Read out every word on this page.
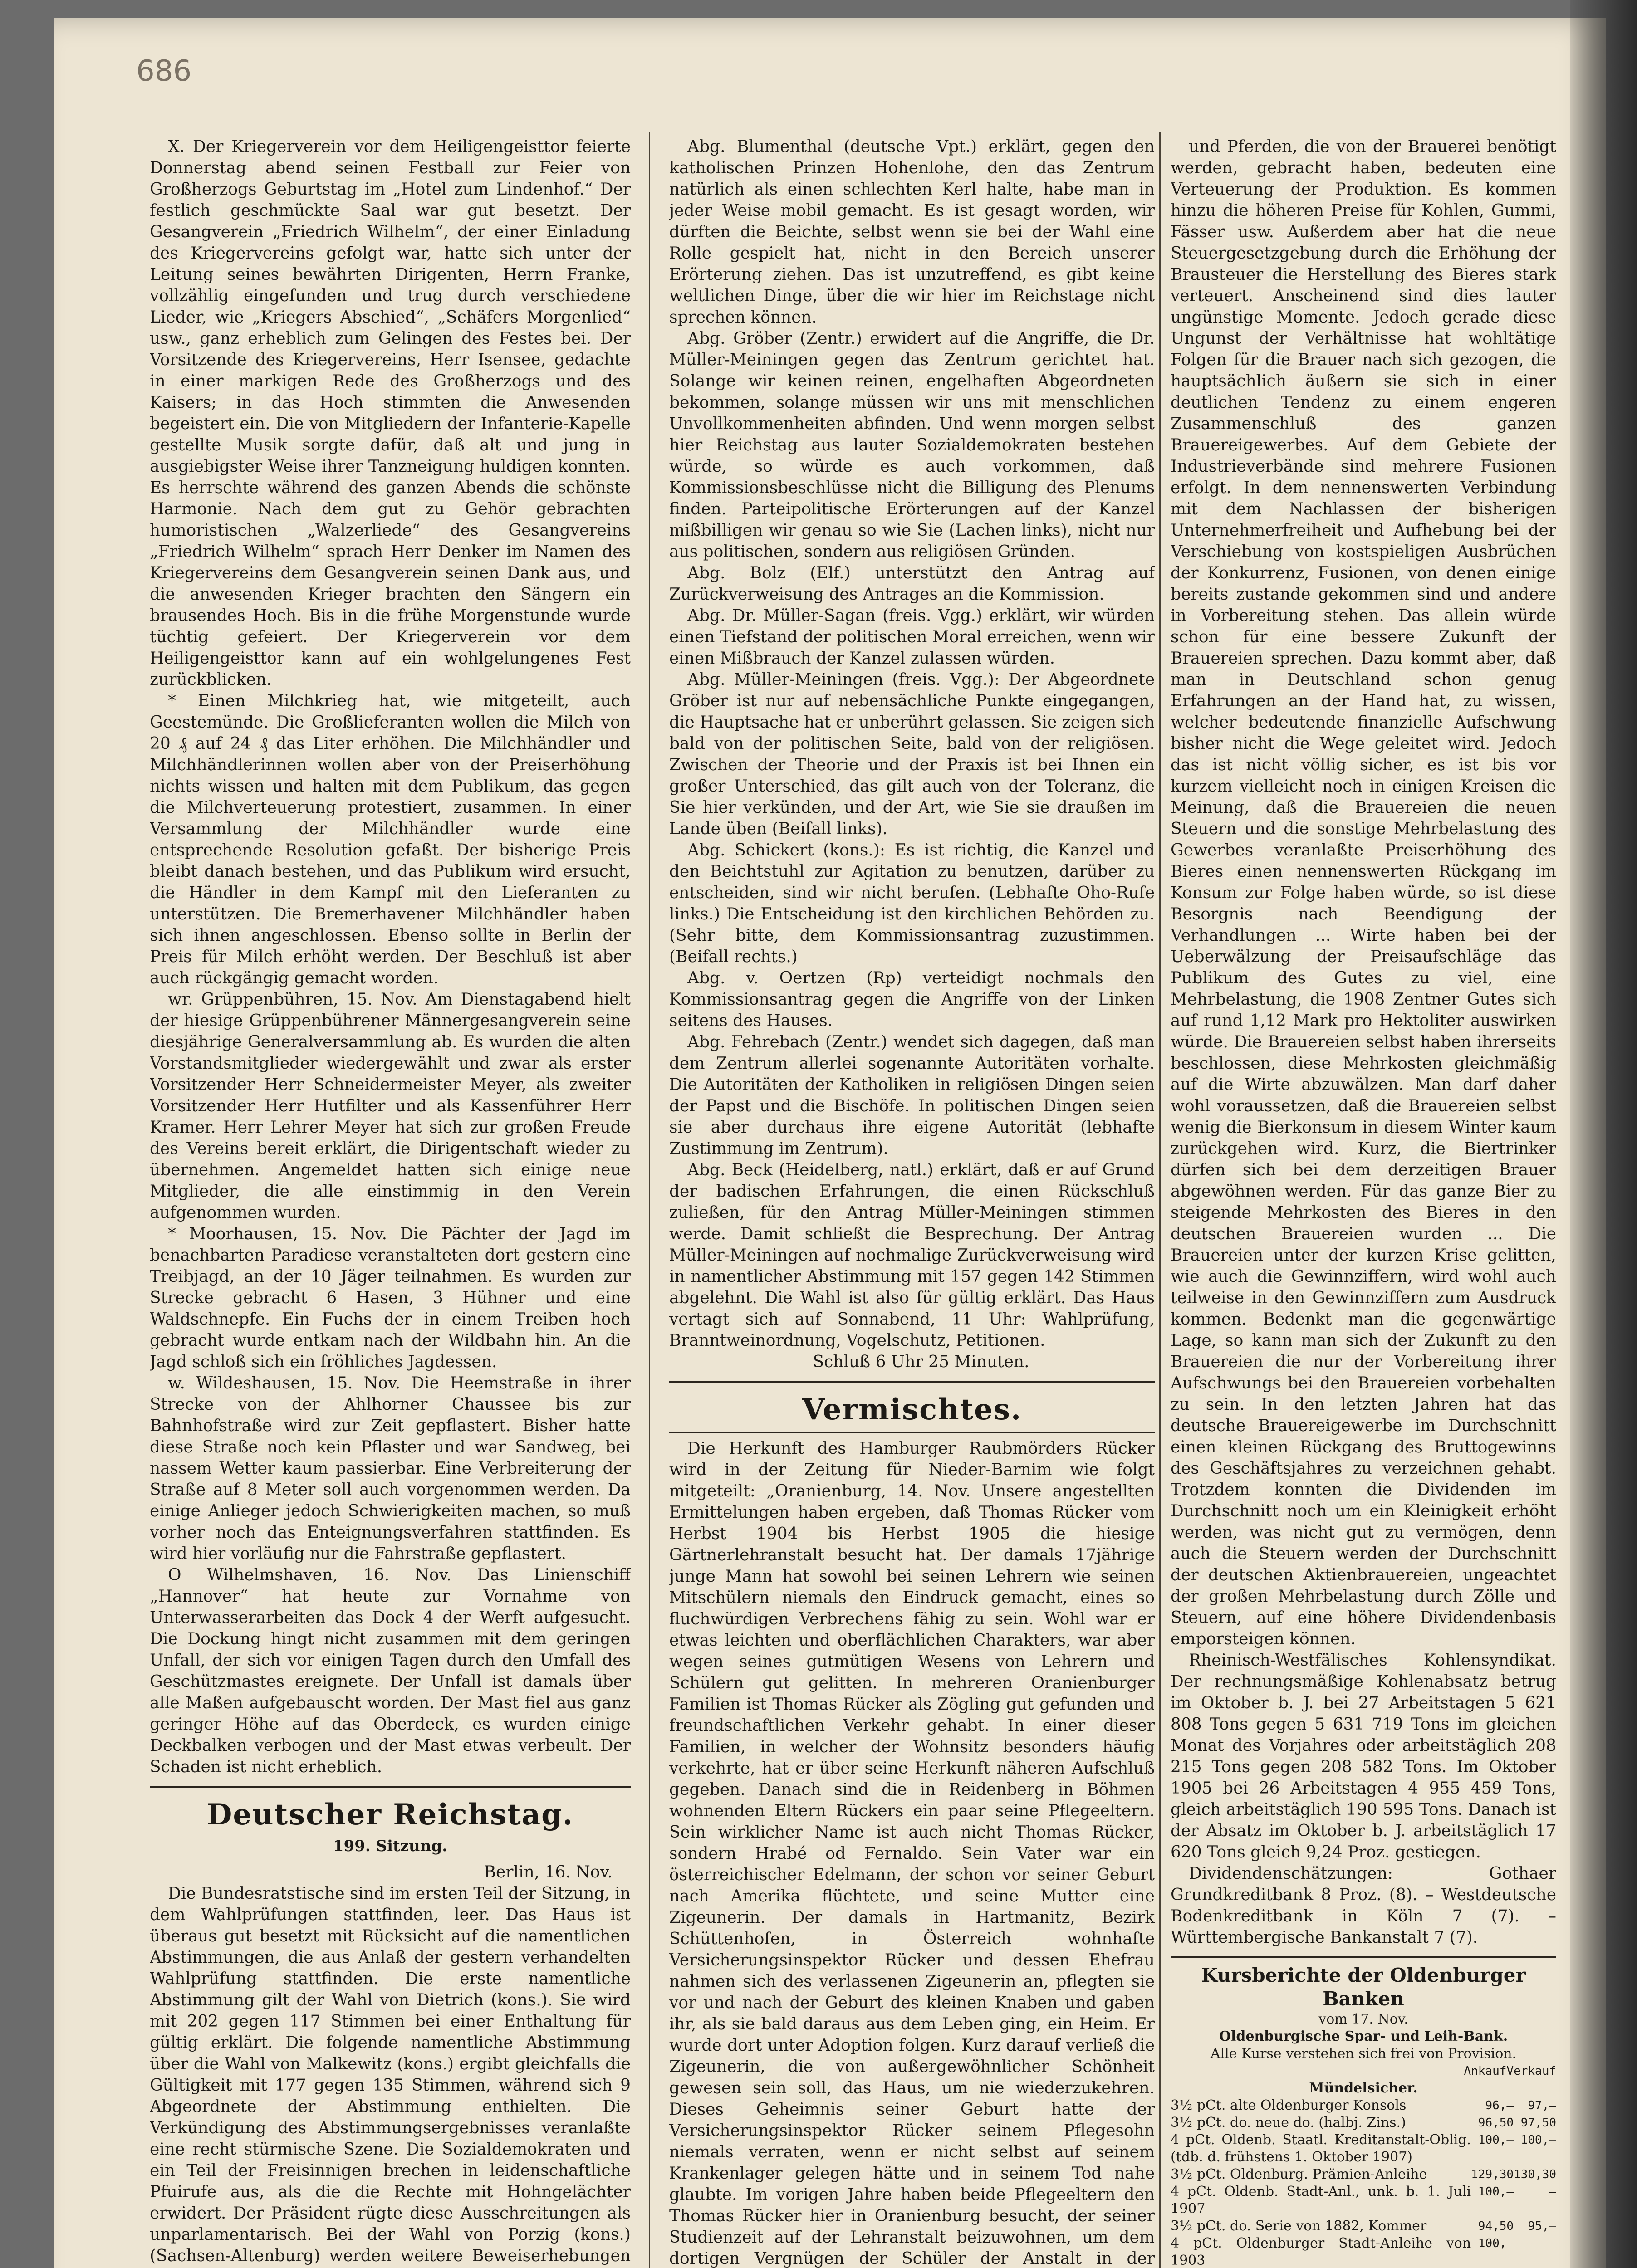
686

X. Der Kriegerverein vor dem Heiligengeisttor feierte Donnerstag abend seinen Festball zur Feier von Großherzogs Geburtstag im „Hotel zum Lindenhof.“ Der festlich geschmückte Saal war gut besetzt. Der Gesangverein „Friedrich Wilhelm“, der einer Einladung des Kriegervereins gefolgt war, hatte sich unter der Leitung seines bewährten Dirigenten, Herrn Franke, vollzählig eingefunden und trug durch verschiedene Lieder, wie „Kriegers Abschied“, „Schäfers Morgenlied“ usw., ganz erheblich zum Gelingen des Festes bei. Der Vorsitzende des Kriegervereins, Herr Isensee, gedachte in einer markigen Rede des Großherzogs und des Kaisers; in das Hoch stimmten die Anwesenden begeistert ein. Die von Mitgliedern der Infanterie-Kapelle gestellte Musik sorgte dafür, daß alt und jung in ausgiebigster Weise ihrer Tanzneigung huldigen konnten. Es herrschte während des ganzen Abends die schönste Harmonie. Nach dem gut zu Gehör gebrachten humoristischen „Walzerliede“ des Gesangvereins „Friedrich Wilhelm“ sprach Herr Denker im Namen des Kriegervereins dem Gesangverein seinen Dank aus, und die anwesenden Krieger brachten den Sängern ein brausendes Hoch. Bis in die frühe Morgenstunde wurde tüchtig gefeiert. Der Kriegerverein vor dem Heiligengeisttor kann auf ein wohlgelungenes Fest zurückblicken.

* Einen Milchkrieg hat, wie mitgeteilt, auch Geestemünde. Die Großlieferanten wollen die Milch von 20 ₰ auf 24 ₰ das Liter erhöhen. Die Milchhändler und Milchhändlerinnen wollen aber von der Preiserhöhung nichts wissen und halten mit dem Publikum, das gegen die Milchverteuerung protestiert, zusammen. In einer Versammlung der Milchhändler wurde eine entsprechende Resolution gefaßt. Der bisherige Preis bleibt danach bestehen, und das Publikum wird ersucht, die Händler in dem Kampf mit den Lieferanten zu unterstützen. Die Bremerhavener Milchhändler haben sich ihnen angeschlossen. Ebenso sollte in Berlin der Preis für Milch erhöht werden. Der Beschluß ist aber auch rückgängig gemacht worden.

wr. Grüppenbühren, 15. Nov. Am Dienstagabend hielt der hiesige Grüppenbührener Männergesangverein seine diesjährige Generalversammlung ab. Es wurden die alten Vorstandsmitglieder wiedergewählt und zwar als erster Vorsitzender Herr Schneidermeister Meyer, als zweiter Vorsitzender Herr Hutfilter und als Kassenführer Herr Kramer. Herr Lehrer Meyer hat sich zur großen Freude des Vereins bereit erklärt, die Dirigentschaft wieder zu übernehmen. Angemeldet hatten sich einige neue Mitglieder, die alle einstimmig in den Verein aufgenommen wurden.

* Moorhausen, 15. Nov. Die Pächter der Jagd im benachbarten Paradiese veranstalteten dort gestern eine Treibjagd, an der 10 Jäger teilnahmen. Es wurden zur Strecke gebracht 6 Hasen, 3 Hühner und eine Waldschnepfe. Ein Fuchs der in einem Treiben hoch gebracht wurde entkam nach der Wildbahn hin. An die Jagd schloß sich ein fröhliches Jagdessen.

w. Wildeshausen, 15. Nov. Die Heemstraße in ihrer Strecke von der Ahlhorner Chaussee bis zur Bahnhofstraße wird zur Zeit gepflastert. Bisher hatte diese Straße noch kein Pflaster und war Sandweg, bei nassem Wetter kaum passierbar. Eine Verbreiterung der Straße auf 8 Meter soll auch vorgenommen werden. Da einige Anlieger jedoch Schwierigkeiten machen, so muß vorher noch das Enteignungsverfahren stattfinden. Es wird hier vorläufig nur die Fahrstraße gepflastert.

O Wilhelmshaven, 16. Nov. Das Linienschiff „Hannover“ hat heute zur Vornahme von Unterwasserarbeiten das Dock 4 der Werft aufgesucht. Die Dockung hingt nicht zusammen mit dem geringen Unfall, der sich vor einigen Tagen durch den Umfall des Geschützmastes ereignete. Der Unfall ist damals über alle Maßen aufgebauscht worden. Der Mast fiel aus ganz geringer Höhe auf das Oberdeck, es wurden einige Deckbalken verbogen und der Mast etwas verbeult. Der Schaden ist nicht erheblich.

Deutscher Reichstag.
199. Sitzung.
Berlin, 16. Nov.

Die Bundesratstische sind im ersten Teil der Sitzung, in dem Wahlprüfungen stattfinden, leer. Das Haus ist überaus gut besetzt mit Rücksicht auf die namentlichen Abstimmungen, die aus Anlaß der gestern verhandelten Wahlprüfung stattfinden. Die erste namentliche Abstimmung gilt der Wahl von Dietrich (kons.). Sie wird mit 202 gegen 117 Stimmen bei einer Enthaltung für gültig erklärt. Die folgende namentliche Abstimmung über die Wahl von Malkewitz (kons.) ergibt gleichfalls die Gültigkeit mit 177 gegen 135 Stimmen, während sich 9 Abgeordnete der Abstimmung enthielten. Die Verkündigung des Abstimmungsergebnisses veranlaßte eine recht stürmische Szene. Die Sozialdemokraten und ein Teil der Freisinnigen brechen in leidenschaftliche Pfuirufe aus, als die die Rechte mit Hohngelächter erwidert. Der Präsident rügte diese Ausschreitungen als unparlamentarisch. Bei der Wahl von Porzig (kons.) (Sachsen-Altenburg) werden weitere Beweiserhebungen

Abg. Blumenthal (deutsche Vpt.) erklärt, gegen den katholischen Prinzen Hohenlohe, den das Zentrum natürlich als einen schlechten Kerl halte, habe man in jeder Weise mobil gemacht. Es ist gesagt worden, wir dürften die Beichte, selbst wenn sie bei der Wahl eine Rolle gespielt hat, nicht in den Bereich unserer Erörterung ziehen. Das ist unzutreffend, es gibt keine weltlichen Dinge, über die wir hier im Reichstage nicht sprechen können.

Abg. Gröber (Zentr.) erwidert auf die Angriffe, die Dr. Müller-Meiningen gegen das Zentrum gerichtet hat. Solange wir keinen reinen, engelhaften Abgeordneten bekommen, solange müssen wir uns mit menschlichen Unvollkommenheiten abfinden. Und wenn morgen selbst hier Reichstag aus lauter Sozialdemokraten bestehen würde, so würde es auch vorkommen, daß Kommissionsbeschlüsse nicht die Billigung des Plenums finden. Parteipolitische Erörterungen auf der Kanzel mißbilligen wir genau so wie Sie (Lachen links), nicht nur aus politischen, sondern aus religiösen Gründen.

Abg. Bolz (Elf.) unterstützt den Antrag auf Zurückverweisung des Antrages an die Kommission.

Abg. Dr. Müller-Sagan (freis. Vgg.) erklärt, wir würden einen Tiefstand der politischen Moral erreichen, wenn wir einen Mißbrauch der Kanzel zulassen würden.

Abg. Müller-Meiningen (freis. Vgg.): Der Abgeordnete Gröber ist nur auf nebensächliche Punkte eingegangen, die Hauptsache hat er unberührt gelassen. Sie zeigen sich bald von der politischen Seite, bald von der religiösen. Zwischen der Theorie und der Praxis ist bei Ihnen ein großer Unterschied, das gilt auch von der Toleranz, die Sie hier verkünden, und der Art, wie Sie sie draußen im Lande üben (Beifall links).

Abg. Schickert (kons.): Es ist richtig, die Kanzel und den Beichtstuhl zur Agitation zu benutzen, darüber zu entscheiden, sind wir nicht berufen. (Lebhafte Oho-Rufe links.) Die Entscheidung ist den kirchlichen Behörden zu. (Sehr bitte, dem Kommissionsantrag zuzustimmen. (Beifall rechts.)

Abg. v. Oertzen (Rp) verteidigt nochmals den Kommissionsantrag gegen die Angriffe von der Linken seitens des Hauses.

Abg. Fehrebach (Zentr.) wendet sich dagegen, daß man dem Zentrum allerlei sogenannte Autoritäten vorhalte. Die Autoritäten der Katholiken in religiösen Dingen seien der Papst und die Bischöfe. In politischen Dingen seien sie aber durchaus ihre eigene Autorität (lebhafte Zustimmung im Zentrum).

Abg. Beck (Heidelberg, natl.) erklärt, daß er auf Grund der badischen Erfahrungen, die einen Rückschluß zuließen, für den Antrag Müller-Meiningen stimmen werde. Damit schließt die Besprechung. Der Antrag Müller-Meiningen auf nochmalige Zurückverweisung wird in namentlicher Abstimmung mit 157 gegen 142 Stimmen abgelehnt. Die Wahl ist also für gültig erklärt. Das Haus vertagt sich auf Sonnabend, 11 Uhr: Wahlprüfung, Branntweinordnung, Vogelschutz, Petitionen.

Schluß 6 Uhr 25 Minuten.

Vermischtes.

Die Herkunft des Hamburger Raubmörders Rücker wird in der Zeitung für Nieder-Barnim wie folgt mitgeteilt: „Oranienburg, 14. Nov. Unsere angestellten Ermittelungen haben ergeben, daß Thomas Rücker vom Herbst 1904 bis Herbst 1905 die hiesige Gärtnerlehranstalt besucht hat. Der damals 17jährige junge Mann hat sowohl bei seinen Lehrern wie seinen Mitschülern niemals den Eindruck gemacht, eines so fluchwürdigen Verbrechens fähig zu sein. Wohl war er etwas leichten und oberflächlichen Charakters, war aber wegen seines gutmütigen Wesens von Lehrern und Schülern gut gelitten. In mehreren Oranienburger Familien ist Thomas Rücker als Zögling gut gefunden und freundschaftlichen Verkehr gehabt. In einer dieser Familien, in welcher der Wohnsitz besonders häufig verkehrte, hat er über seine Herkunft näheren Aufschluß gegeben. Danach sind die in Reidenberg in Böhmen wohnenden Eltern Rückers ein paar seine Pflegeeltern. Sein wirklicher Name ist auch nicht Thomas Rücker, sondern Hrabé od Fernaldo. Sein Vater war ein österreichischer Edelmann, der schon vor seiner Geburt nach Amerika flüchtete, und seine Mutter eine Zigeunerin. Der damals in Hartmanitz, Bezirk Schüttenhofen, in Österreich wohnhafte Versicherungsinspektor Rücker und dessen Ehefrau nahmen sich des verlassenen Zigeunerin an, pflegten sie vor und nach der Geburt des kleinen Knaben und gaben ihr, als sie bald daraus aus dem Leben ging, ein Heim. Er wurde dort unter Adoption folgen. Kurz darauf verließ die Zigeunerin, die von außergewöhnlicher Schönheit gewesen sein soll, das Haus, um nie wiederzukehren. Dieses Geheimnis seiner Geburt hatte der Versicherungsinspektor Rücker seinem Pflegesohn niemals verraten, wenn er nicht selbst auf seinem Krankenlager gelegen hätte und in seinem Tod nahe glaubte. Im vorigen Jahre haben beide Pflegeeltern den Thomas Rücker hier in Oranienburg besucht, der seiner Studienzeit auf der Lehranstalt beizuwohnen, um dem dortigen Vergnügen der Schüler der Anstalt in der

und Pferden, die von der Brauerei benötigt werden, gebracht haben, bedeuten eine Verteuerung der Produktion. Es kommen hinzu die höheren Preise für Kohlen, Gummi, Fässer usw. Außerdem aber hat die neue Steuergesetzgebung durch die Erhöhung der Brausteuer die Herstellung des Bieres stark verteuert. Anscheinend sind dies lauter ungünstige Momente. Jedoch gerade diese Ungunst der Verhältnisse hat wohltätige Folgen für die Brauer nach sich gezogen, die hauptsächlich äußern sie sich in einer deutlichen Tendenz zu einem engeren Zusammenschluß des ganzen Brauereigewerbes. Auf dem Gebiete der Industrieverbände sind mehrere Fusionen erfolgt. In dem nennenswerten Verbindung mit dem Nachlassen der bisherigen Unternehmerfreiheit und Aufhebung bei der Verschiebung von kostspieligen Ausbrüchen der Konkurrenz, Fusionen, von denen einige bereits zustande gekommen sind und andere in Vorbereitung stehen. Das allein würde schon für eine bessere Zukunft der Brauereien sprechen. Dazu kommt aber, daß man in Deutschland schon genug Erfahrungen an der Hand hat, zu wissen, welcher bedeutende finanzielle Aufschwung bisher nicht die Wege geleitet wird. Jedoch das ist nicht völlig sicher, es ist bis vor kurzem vielleicht noch in einigen Kreisen die Meinung, daß die Brauereien die neuen Steuern und die sonstige Mehrbelastung des Gewerbes veranlaßte Preiserhöhung des Bieres einen nennenswerten Rückgang im Konsum zur Folge haben würde, so ist diese Besorgnis nach Beendigung der Verhandlungen ... Wirte haben bei der Ueberwälzung der Preisaufschläge das Publikum des Gutes zu viel, eine Mehrbelastung, die 1908 Zentner Gutes sich auf rund 1,12 Mark pro Hektoliter auswirken würde. Die Brauereien selbst haben ihrerseits beschlossen, diese Mehrkosten gleichmäßig auf die Wirte abzuwälzen. Man darf daher wohl voraussetzen, daß die Brauereien selbst wenig die Bierkonsum in diesem Winter kaum zurückgehen wird. Kurz, die Biertrinker dürfen sich bei dem derzeitigen Brauer abgewöhnen werden. Für das ganze Bier zu steigende Mehrkosten des Bieres in den deutschen Brauereien wurden ... Die Brauereien unter der kurzen Krise gelitten, wie auch die Gewinnziffern, wird wohl auch teilweise in den Gewinnziffern zum Ausdruck kommen. Bedenkt man die gegenwärtige Lage, so kann man sich der Zukunft zu den Brauereien die nur der Vorbereitung ihrer Aufschwungs bei den Brauereien vorbehalten zu sein. In den letzten Jahren hat das deutsche Brauereigewerbe im Durchschnitt einen kleinen Rückgang des Bruttogewinns des Geschäftsjahres zu verzeichnen gehabt. Trotzdem konnten die Dividenden im Durchschnitt noch um ein Kleinigkeit erhöht werden, was nicht gut zu vermögen, denn auch die Steuern werden der Durchschnitt der deutschen Aktienbrauereien, ungeachtet der großen Mehrbelastung durch Zölle und Steuern, auf eine höhere Dividendenbasis emporsteigen können.

Rheinisch-Westfälisches Kohlensyndikat. Der rechnungsmäßige Kohlenabsatz betrug im Oktober b. J. bei 27 Arbeitstagen 5 621 808 Tons gegen 5 631 719 Tons im gleichen Monat des Vorjahres oder arbeitstäglich 208 215 Tons gegen 208 582 Tons. Im Oktober 1905 bei 26 Arbeitstagen 4 955 459 Tons, gleich arbeitstäglich 190 595 Tons. Danach ist der Absatz im Oktober b. J. arbeitstäglich 17 620 Tons gleich 9,24 Proz. gestiegen.

Dividendenschätzungen: Gothaer Grundkreditbank 8 Proz. (8). – Westdeutsche Bodenkreditbank in Köln 7 (7). – Württembergische Bankanstalt 7 (7).

Kursberichte der Oldenburger Banken
vom 17. Nov.
Oldenburgische Spar- und Leih-Bank.
Alle Kurse verstehen sich frei von Provision.
	Ankauf	Verkauf
Mündelsicher.
3½ pCt. alte Oldenburger Konsols	96,—	97,—
3½ pCt. do. neue do. (halbj. Zins.)	96,50	97,50
4 pCt. Oldenb. Staatl. Kreditanstalt-Oblig. (tdb. d. frühstens 1. Oktober 1907)	100,—	100,—
3½ pCt. Oldenburg. Prämien-Anleihe	129,30	130,30
4 pCt. Oldenb. Stadt-Anl., unk. b. 1. Juli 1907	100,—	—
3½ pCt. do. Serie von 1882, Kommer	94,50	95,—
4 pCt. Oldenburger Stadt-Anleihe von 1903	100,—	—
